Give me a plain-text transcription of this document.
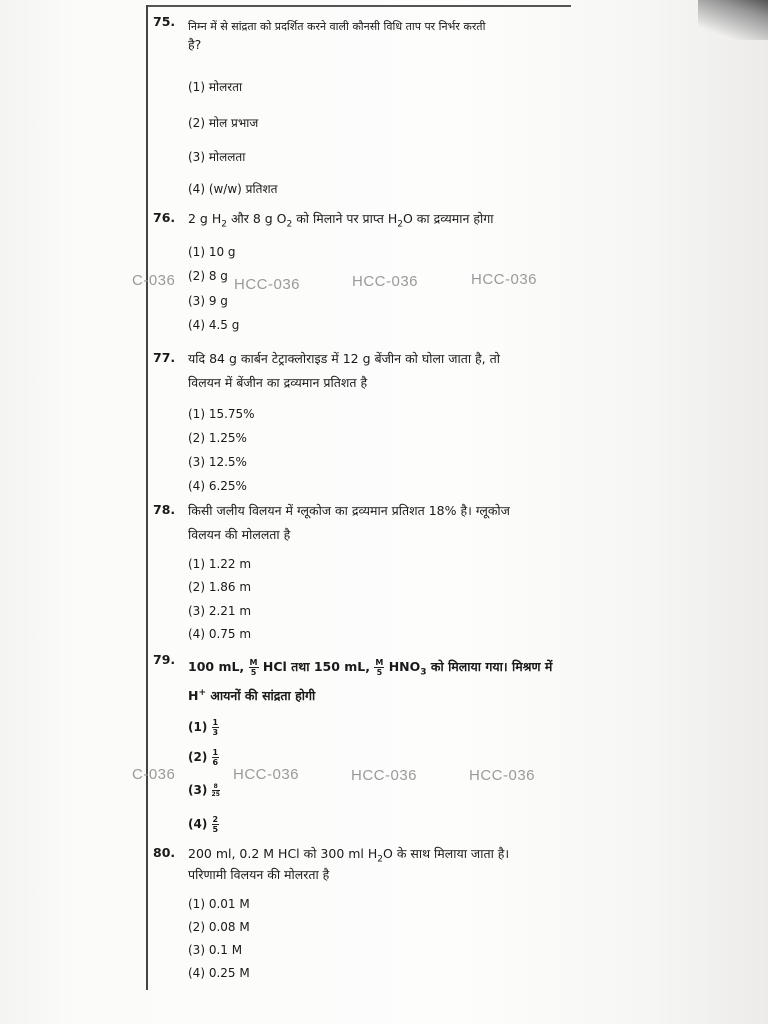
C-036	HCC-036	HCC-036	HCC-036
C-036	HCC-036	HCC-036	HCC-036
75. निम्न में से सांद्रता को प्रदर्शित करने वाली कौनसी विधि ताप पर निर्भर करती
है?
(1) मोलरता
(2) मोल प्रभाज
(3) मोललता
(4) (w/w) प्रतिशत
76. 2 g $H_2$ और 8 g $O_2$ को मिलाने पर प्राप्त $H_2O$ का द्रव्यमान होगा
(1) 10 g
(2) 8 g
(3) 9 g
(4) 4.5 g
77. यदि 84 g कार्बन टेट्राक्लोराइड में 12 g बेंजीन को घोला जाता है, तो
विलयन में बेंजीन का द्रव्यमान प्रतिशत है
(1) 15.75%
(2) 1.25%
(3) 12.5%
(4) 6.25%
78. किसी जलीय विलयन में ग्लूकोज का द्रव्यमान प्रतिशत 18% है। ग्लूकोज
विलयन की मोललता है
(1) 1.22 m
(2) 1.86 m
(3) 2.21 m
(4) 0.75 m
79. 100 mL, $\frac{M}{5}$ HCl तथा 150 mL, $\frac{M}{5} HNO_3$ को मिलाया गया। मिश्रण में
H+ आयनों की सांद्रता होगी
$(1) \frac{1}{3}$
$(2) \frac{1}{6}$
$(3) \frac{8}{25}$
$(4) \frac{2}{5}$
80. 200 ml, 0.2 M HCl को 300 ml $H_2O$ के साथ मिलाया जाता है।
परिणामी विलयन की मोलरता है
(1) 0.01 M
(2) 0.08 M
(3) 0.1 M
(4) 0.25 M
